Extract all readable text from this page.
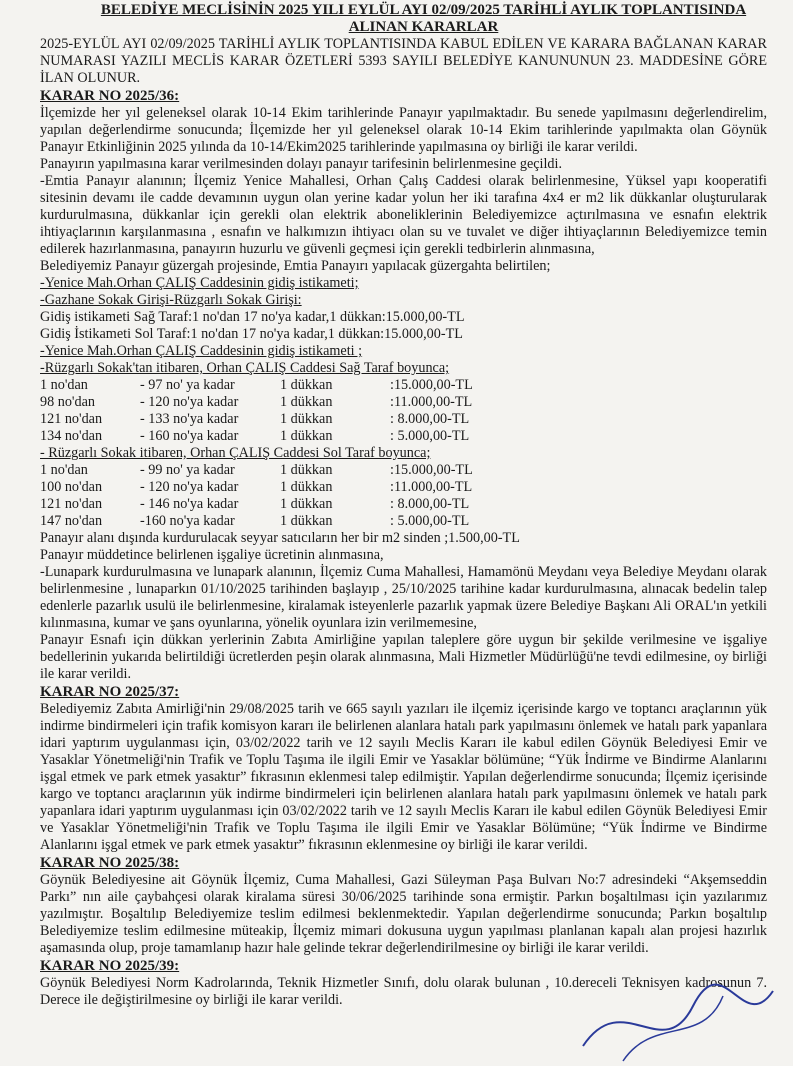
BELEDİYE MECLİSİNİN 2025 YILI EYLÜL AYI 02/09/2025 TARİHLİ AYLIK TOPLANTISINDA ALINAN KARARLAR

2025-EYLÜL AYI 02/09/2025 TARİHLİ AYLIK TOPLANTISINDA KABUL EDİLEN VE KARARA BAĞLANAN KARAR NUMARASI YAZILI MECLİS KARAR ÖZETLERİ 5393 SAYILI BELEDİYE KANUNUNUN 23. MADDESİNE GÖRE İLAN OLUNUR.

KARAR NO 2025/36:

İlçemizde her yıl geleneksel olarak 10-14 Ekim tarihlerinde Panayır yapılmaktadır. Bu senede yapılmasını değerlendirelim, yapılan değerlendirme sonucunda; İlçemizde her yıl geleneksel olarak 10-14 Ekim tarihlerinde yapılmakta olan Göynük Panayır Etkinliğinin 2025 yılında da 10-14/Ekim2025 tarihlerinde yapılmasına oy birliği ile karar verildi.

Panayırın yapılmasına karar verilmesinden dolayı panayır tarifesinin belirlenmesine geçildi.

-Emtia Panayır alanının; İlçemiz Yenice Mahallesi, Orhan Çalış Caddesi olarak belirlenmesine, Yüksel yapı kooperatifi sitesinin devamı ile cadde devamının uygun olan yerine kadar yolun her iki tarafına 4x4 er m2 lik dükkanlar oluşturularak kurdurulmasına, dükkanlar için gerekli olan elektrik aboneliklerinin Belediyemizce açtırılmasına ve esnafın elektrik ihtiyaçlarının karşılanmasına , esnafın ve halkımızın ihtiyacı olan su ve tuvalet ve diğer ihtiyaçlarının Belediyemizce temin edilerek hazırlanmasına, panayırın huzurlu ve güvenli geçmesi için gerekli tedbirlerin alınmasına,

Belediyemiz Panayır güzergah projesinde, Emtia Panayırı yapılacak güzergahta belirtilen;

-Yenice Mah.Orhan ÇALIŞ Caddesinin gidiş istikameti;

-Gazhane Sokak Girişi-Rüzgarlı Sokak Girişi:

Gidiş istikameti Sağ Taraf:1 no'dan 17 no'ya kadar,1 dükkan:15.000,00-TL

Gidiş İstikameti Sol Taraf:1 no'dan 17 no'ya kadar,1 dükkan:15.000,00-TL

-Yenice Mah.Orhan ÇALIŞ Caddesinin gidiş istikameti ;

-Rüzgarlı Sokak'tan itibaren, Orhan ÇALIŞ Caddesi Sağ Taraf boyunca;

1 no'dan	- 97 no' ya kadar	1 dükkan	:15.000,00-TL
98 no'dan	- 120 no'ya kadar	1 dükkan	:11.000,00-TL
121 no'dan	- 133 no'ya kadar	1 dükkan	: 8.000,00-TL
134 no'dan	- 160 no'ya kadar	1 dükkan	: 5.000,00-TL

- Rüzgarlı Sokak itibaren, Orhan ÇALIŞ Caddesi Sol Taraf boyunca;

1 no'dan	- 99 no' ya kadar	1 dükkan	:15.000,00-TL
100 no'dan	- 120 no'ya kadar	1 dükkan	:11.000,00-TL
121 no'dan	- 146 no'ya kadar	1 dükkan	: 8.000,00-TL
147 no'dan	-160 no'ya kadar	1 dükkan	: 5.000,00-TL

Panayır alanı dışında kurdurulacak seyyar satıcıların her bir m2 sinden ;1.500,00-TL

Panayır müddetince belirlenen işgaliye ücretinin alınmasına,

-Lunapark kurdurulmasına ve lunapark alanının, İlçemiz Cuma Mahallesi, Hamamönü Meydanı veya Belediye Meydanı olarak belirlenmesine , lunaparkın 01/10/2025 tarihinden başlayıp , 25/10/2025 tarihine kadar kurdurulmasına, alınacak bedelin talep edenlerle pazarlık usulü ile belirlenmesine, kiralamak isteyenlerle pazarlık yapmak üzere Belediye Başkanı Ali ORAL'ın yetkili kılınmasına, kumar ve şans oyunlarına, yönelik oyunlara izin verilmemesine,

Panayır Esnafı için dükkan yerlerinin Zabıta Amirliğine yapılan taleplere göre uygun bir şekilde verilmesine ve işgaliye bedellerinin yukarıda belirtildiği ücretlerden peşin olarak alınmasına, Mali Hizmetler Müdürlüğü'ne tevdi edilmesine, oy birliği ile karar verildi.

KARAR NO 2025/37:

Belediyemiz Zabıta Amirliği'nin 29/08/2025 tarih ve 665 sayılı yazıları ile ilçemiz içerisinde kargo ve toptancı araçlarının yük indirme bindirmeleri için trafik komisyon kararı ile belirlenen alanlara hatalı park yapılmasını önlemek ve hatalı park yapanlara idari yaptırım uygulanması için, 03/02/2022 tarih ve 12 sayılı Meclis Kararı ile kabul edilen Göynük Belediyesi Emir ve Yasaklar Yönetmeliği'nin Trafik ve Toplu Taşıma ile ilgili Emir ve Yasaklar bölümüne; “Yük İndirme ve Bindirme Alanlarını işgal etmek ve park etmek yasaktır” fıkrasının eklenmesi talep edilmiştir. Yapılan değerlendirme sonucunda; İlçemiz içerisinde kargo ve toptancı araçlarının yük indirme bindirmeleri için belirlenen alanlara hatalı park yapılmasını önlemek ve hatalı park yapanlara idari yaptırım uygulanması için 03/02/2022 tarih ve 12 sayılı Meclis Kararı ile kabul edilen Göynük Belediyesi Emir ve Yasaklar Yönetmeliği'nin Trafik ve Toplu Taşıma ile ilgili Emir ve Yasaklar Bölümüne; “Yük İndirme ve Bindirme Alanlarını işgal etmek ve park etmek yasaktır” fıkrasının eklenmesine oy birliği ile karar verildi.

KARAR NO 2025/38:

Göynük Belediyesine ait Göynük İlçemiz, Cuma Mahallesi, Gazi Süleyman Paşa Bulvarı No:7 adresindeki “Akşemseddin Parkı” nın aile çaybahçesi olarak kiralama süresi 30/06/2025 tarihinde sona ermiştir. Parkın boşaltılması için yazılarımız yazılmıştır. Boşaltılıp Belediyemize teslim edilmesi beklenmektedir. Yapılan değerlendirme sonucunda; Parkın boşaltılıp Belediyemize teslim edilmesine müteakip, İlçemiz mimari dokusuna uygun yapılması planlanan kapalı alan projesi hazırlık aşamasında olup, proje tamamlanıp hazır hale gelinde tekrar değerlendirilmesine oy birliği ile karar verildi.

KARAR NO 2025/39:

Göynük Belediyesi Norm Kadrolarında, Teknik Hizmetler Sınıfı, dolu olarak bulunan , 10.dereceli Teknisyen kadrosunun 7. Derece ile değiştirilmesine oy birliği ile karar verildi.
